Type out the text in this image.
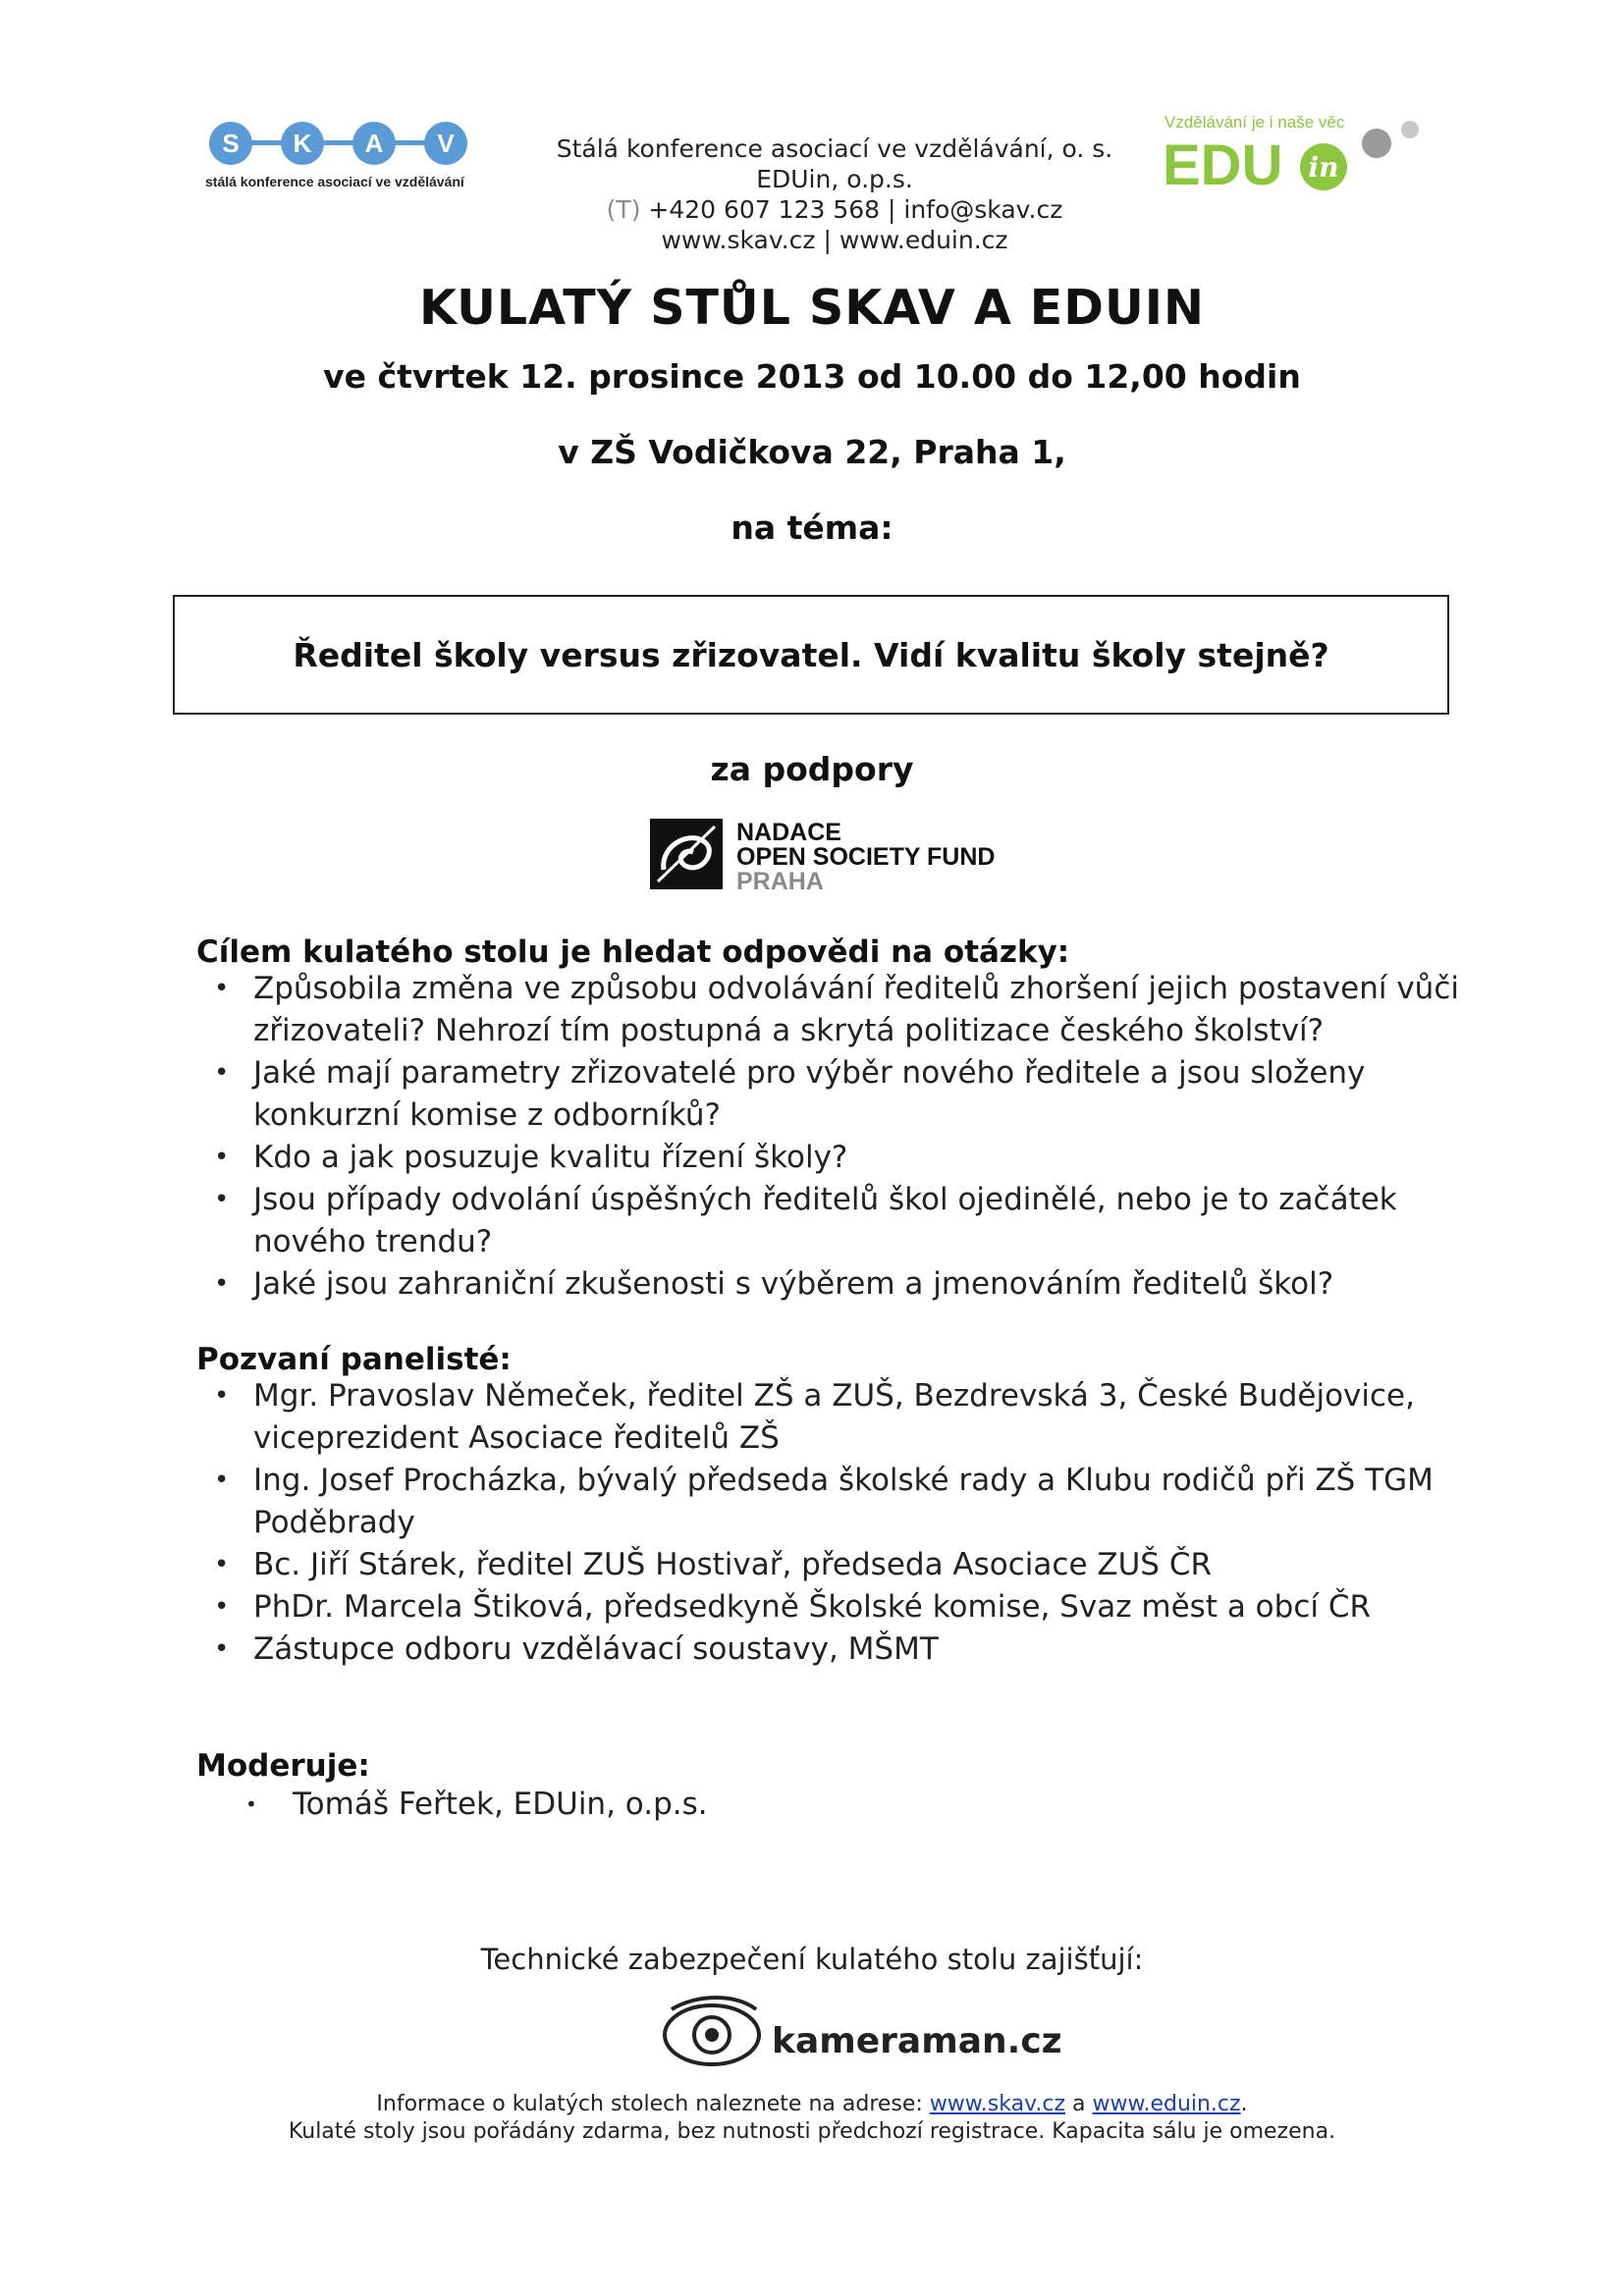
S K A V
stálá konference asociací ve vzdělávání
Vzdělávání je i naše věc
EDU in
Stálá konference asociací ve vzdělávání, o. s.
EDUin, o.p.s.
(T) +420 607 123 568 | info@skav.cz
www.skav.cz | www.eduin.cz
KULATÝ STŮL SKAV A EDUIN
ve čtvrtek 12. prosince 2013 od 10.00 do 12,00 hodin
v ZŠ Vodičkova 22, Praha 1,
na téma:
Ředitel školy versus zřizovatel. Vidí kvalitu školy stejně?
za podpory
NADACE
OPEN SOCIETY FUND
PRAHA
Cílem kulatého stolu je hledat odpovědi na otázky:
• Způsobila změna ve způsobu odvolávání ředitelů zhoršení jejich postavení vůči zřizovateli? Nehrozí tím postupná a skrytá politizace českého školství?
• Jaké mají parametry zřizovatelé pro výběr nového ředitele a jsou složeny konkurzní komise z odborníků?
• Kdo a jak posuzuje kvalitu řízení školy?
• Jsou případy odvolání úspěšných ředitelů škol ojedinělé, nebo je to začátek nového trendu?
• Jaké jsou zahraniční zkušenosti s výběrem a jmenováním ředitelů škol?
Pozvaní panelisté:
• Mgr. Pravoslav Němeček, ředitel ZŠ a ZUŠ, Bezdrevská 3, České Budějovice, viceprezident Asociace ředitelů ZŠ
• Ing. Josef Procházka, bývalý předseda školské rady a Klubu rodičů při ZŠ TGM Poděbrady
• Bc. Jiří Stárek, ředitel ZUŠ Hostivař, předseda Asociace ZUŠ ČR
• PhDr. Marcela Štiková, předsedkyně Školské komise, Svaz měst a obcí ČR
• Zástupce odboru vzdělávací soustavy, MŠMT
Moderuje:
• Tomáš Feřtek, EDUin, o.p.s.
Technické zabezpečení kulatého stolu zajišťují:
kameraman.cz
Informace o kulatých stolech naleznete na adrese: www.skav.cz a www.eduin.cz.
Kulaté stoly jsou pořádány zdarma, bez nutnosti předchozí registrace. Kapacita sálu je omezena.
